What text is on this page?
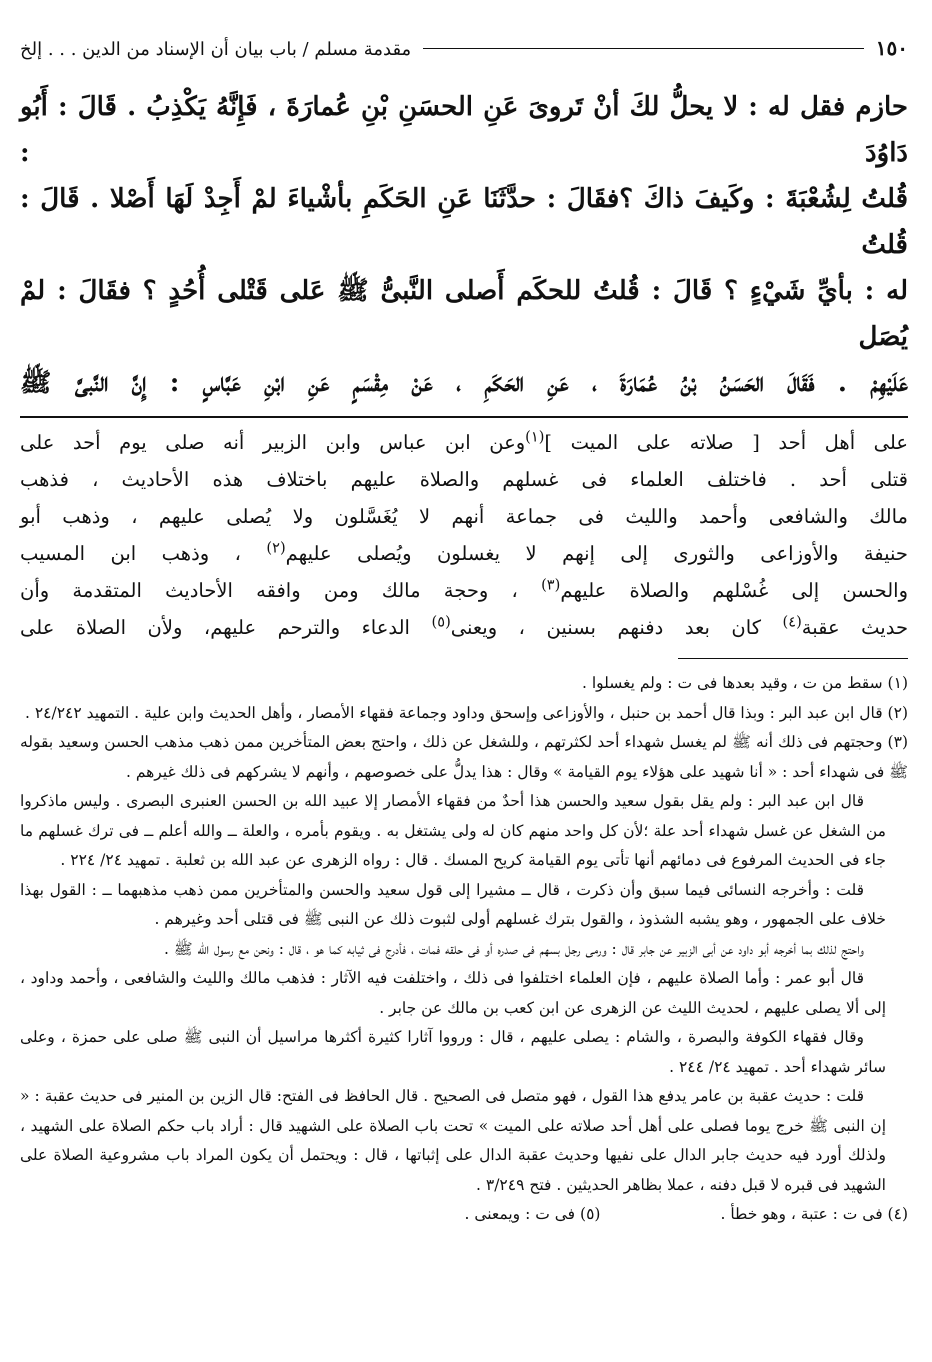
١٥٠
مقدمة مسلم / باب بيان أن الإسناد من الدين . . . إلخ

حازم فقل له : لا يحلُّ لكَ أنْ تَروىَ عَنِ الحسَنِ بْنِ عُمارَةَ ، فَإِنَّهُ يَكْذِبُ . قَالَ : أَبُو دَاوُدَ :

قُلتُ لِشُعْبَةَ : وكَيفَ ذاكَ ؟فقَالَ : حدَّثَنَا عَنِ الحَكَمِ بأشْياءَ لمْ أَجِدْ لَهَا أَصْلا . قَالَ : قُلتُ

له : بأيِّ شَيْءٍ ؟ قَالَ : قُلتُ للحكَم أَصلى النَّبىُّ ﷺ عَلى قَتْلى أُحُدٍ ؟ فقَالَ : لمْ يُصَل

عَلَيْهِمْ . فَقَالَ الحَسَنُ بْنُ عُمَارَةَ ، عَنِ الحَكَمِ ، عَنْ مِقْسَمٍ عَنِ ابْنِ عَبَّاسٍ : إِنَّ النَّبىَّ ﷺ

على أهل أحد [ صلاته على الميت ]$^{(١)}$وعن ابن عباس وابن الزبير أنه صلى يوم أحد على

قتلى أحد . فاختلف العلماء فى غسلهم والصلاة عليهم باختلاف هذه الأحاديث ، فذهب

مالك والشافعى وأحمد والليث فى جماعة أنهم لا يُغَسَّلون ولا يُصلى عليهم ، وذهب أبو

حنيفة والأوزاعى والثورى إلى إنهم لا يغسلون ويُصلى عليهم$^{(٢)}$ ، وذهب ابن المسيب

والحسن إلى غُسْلهم والصلاة عليهم$^{(٣)}$ ، وحجة مالك ومن وافقه الأحاديث المتقدمة وأن

حديث عقبة$^{(٤)}$ كان بعد دفنهم بسنين ، ويعنى$^{(٥)}$ الدعاء والترحم عليهم، ولأن الصلاة على

(١) سقط من ت ، وقيد بعدها فى ت : ولم يغسلوا .

(٢) قال ابن عبد البر : وبذا قال أحمد بن حنبل ، والأوزاعى وإسحق وداود وجماعة فقهاء الأمصار ، وأهل الحديث وابن علية . التمهيد ٢٤/٢٤٢ .

(٣) وحجتهم فى ذلك أنه ﷺ لم يغسل شهداء أحد لكثرتهم ، وللشغل عن ذلك ، واحتج بعض المتأخرين ممن ذهب مذهب الحسن وسعيد بقوله ﷺ فى شهداء أحد : « أنا شهيد على هؤلاء يوم القيامة » وقال : هذا يدلُّ على خصوصهم ، وأنهم لا يشركهم فى ذلك غيرهم .

قال ابن عبد البر : ولم يقل بقول سعيد والحسن هذا أحدٌ من فقهاء الأمصار إلا عبيد الله بن الحسن العنبرى البصرى . وليس ماذكروا من الشغل عن غسل شهداء أحد علة ؛لأن كل واحد منهم كان له ولى يشتغل به . ويقوم بأمره ، والعلة ــ والله أعلم ــ فى ترك غسلهم ما جاء فى الحديث المرفوع فى دمائهم أنها تأتى يوم القيامة كريح المسك . قال : رواه الزهرى عن عبد الله بن ثعلبة . تمهيد ٢٤/ ٢٢٤ .

قلت : وأخرجه النسائى فيما سبق وأن ذكرت ، قال ــ مشيرا إلى قول سعيد والحسن والمتأخرين ممن ذهب مذهبهما ــ : القول بهذا خلاف على الجمهور ، وهو يشبه الشذوذ ، والقول بترك غسلهم أولى لثبوت ذلك عن النبى ﷺ فى قتلى أحد وغيرهم .

واحتج لذلك بما أخرجه أبو داود عن أبى الزبير عن جابر قال : ورمى رجل بسهم فى صدره أو فى حلقه فمات ، فأدرج فى ثيابه كما هو ، قال : ونحن مع رسول الله ﷺ .

قال أبو عمر : وأما الصلاة عليهم ، فإن العلماء اختلفوا فى ذلك ، واختلفت فيه الآثار : فذهب مالك والليث والشافعى ، وأحمد وداود ، إلى ألا يصلى عليهم ، لحديث الليث عن الزهرى عن ابن كعب بن مالك عن جابر .

وقال فقهاء الكوفة والبصرة ، والشام : يصلى عليهم ، قال : ورووا آثارا كثيرة أكثرها مراسيل أن النبى ﷺ صلى على حمزة ، وعلى سائر شهداء أحد . تمهيد ٢٤/ ٢٤٤ .

قلت : حديث عقبة بن عامر يدفع هذا القول ، فهو متصل فى الصحيح . قال الحافظ فى الفتح: قال الزين بن المنير فى حديث عقبة : « إن النبى ﷺ خرج يوما فصلى على أهل أحد صلاته على الميت » تحت باب الصلاة على الشهيد قال : أراد باب حكم الصلاة على الشهيد ، ولذلك أورد فيه حديث جابر الدال على نفيها وحديث عقبة الدال على إثباتها ، قال : ويحتمل أن يكون المراد باب مشروعية الصلاة على الشهيد فى قبره لا قبل دفنه ، عملا بظاهر الحديثين . فتح ٣/٢٤٩ .

(٤) فى ت : عتبة ، وهو خطأ .
(٥) فى ت : ويمعنى .
